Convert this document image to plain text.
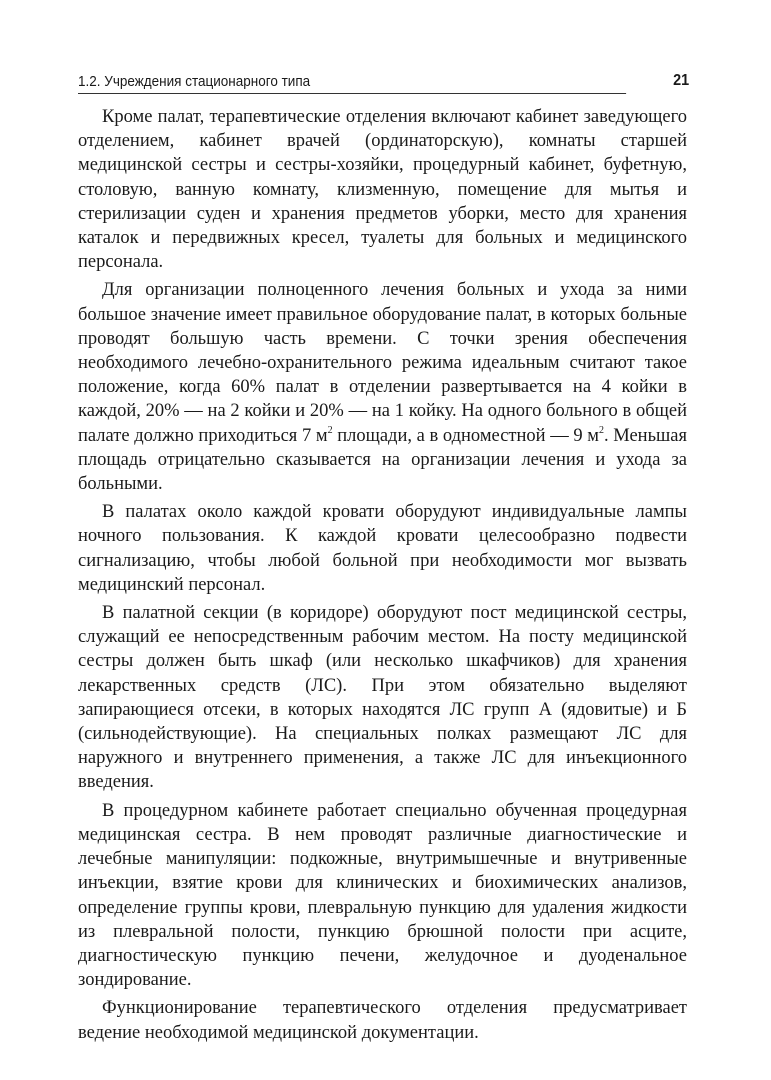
1.2. Учреждения стационарного типа	21

Кроме палат, терапевтические отделения включают кабинет заведующего отделением, кабинет врачей (ординаторскую), комнаты старшей медицинской сестры и сестры-хозяйки, процедурный кабинет, буфетную, столовую, ванную комнату, клизменную, помещение для мытья и стерилизации суден и хранения предметов уборки, место для хранения каталок и передвижных кресел, туалеты для больных и медицинского персонала.

Для организации полноценного лечения больных и ухода за ними большое значение имеет правильное оборудование палат, в которых больные проводят большую часть времени. С точки зрения обеспечения необходимого лечебно-охранительного режима идеальным считают такое положение, когда 60% палат в отделении развертывается на 4 койки в каждой, 20% — на 2 койки и 20% — на 1 койку. На одного больного в общей палате должно приходиться 7 $м^2$ площади, а в одноместной — 9 $м^2$. Меньшая площадь отрицательно сказывается на организации лечения и ухода за больными.

В палатах около каждой кровати оборудуют индивидуальные лампы ночного пользования. К каждой кровати целесообразно подвести сигнализацию, чтобы любой больной при необходимости мог вызвать медицинский персонал.

В палатной секции (в коридоре) оборудуют пост медицинской сестры, служащий ее непосредственным рабочим местом. На посту медицинской сестры должен быть шкаф (или несколько шкафчиков) для хранения лекарственных средств (ЛС). При этом обязательно выделяют запирающиеся отсеки, в которых находятся ЛС групп А (ядовитые) и Б (сильнодействующие). На специальных полках размещают ЛС для наружного и внутреннего применения, а также ЛС для инъекционного введения.

В процедурном кабинете работает специально обученная процедурная медицинская сестра. В нем проводят различные диагностические и лечебные манипуляции: подкожные, внутримышечные и внутривенные инъекции, взятие крови для клинических и биохимических анализов, определение группы крови, плевральную пункцию для удаления жидкости из плевральной полости, пункцию брюшной полости при асците, диагностическую пункцию печени, желудочное и дуоденальное зондирование.

Функционирование терапевтического отделения предусматривает ведение необходимой медицинской документации.
